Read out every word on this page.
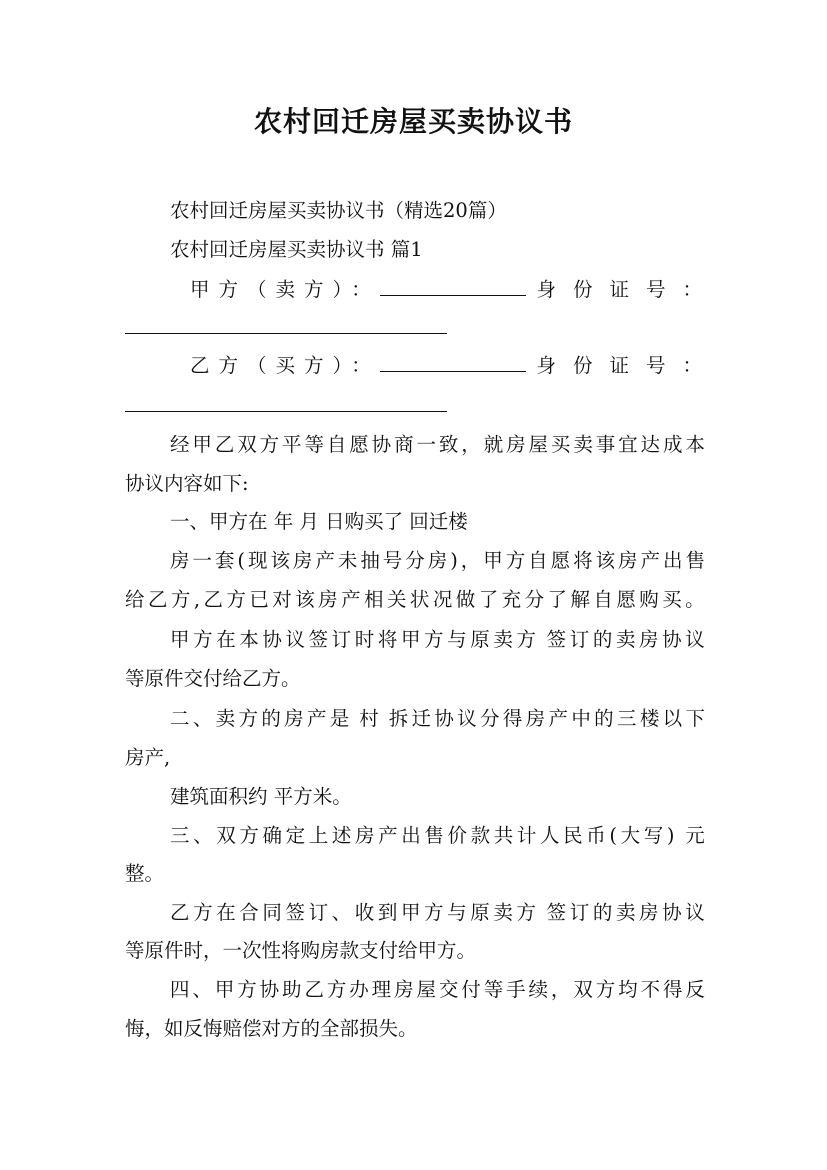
农村回迁房屋买卖协议书
农村回迁房屋买卖协议书（精选20篇）
农村回迁房屋买卖协议书 篇1
甲方（卖方）：	身份证号：
乙方（买方）：	身份证号：
经 甲 乙 双 方 平 等 自 愿 协 商 一 致 ， 就 房 屋 买 卖 事 宜 达 成 本
协议内容如下:
一、甲方在 年 月 日购买了 回迁楼
房 一 套 ( 现 该 房 产 未 抽 号 分 房 ) ， 甲 方 自 愿 将 该 房 产 出 售
给 乙 方 , 乙 方 已 对 该 房 产 相 关 状 况 做 了 充 分 了 解 自 愿 购 买 。
甲 方 在 本 协 议 签 订 时 将 甲 方 与 原 卖 方 签 订 的 卖 房 协 议
等原件交付给乙方。
二 、 卖 方 的 房 产 是 村 拆 迁 协 议 分 得 房 产 中 的 三 楼 以 下
房产,
建筑面积约 平方米。
三 、 双 方 确 定 上 述 房 产 出 售 价 款 共 计 人 民 币 ( 大 写 ) 元
整。
乙 方 在 合 同 签 订 、 收 到 甲 方 与 原 卖 方 签 订 的 卖 房 协 议
等原件时，一次性将购房款支付给甲方。
四 、 甲 方 协 助 乙 方 办 理 房 屋 交 付 等 手 续 ， 双 方 均 不 得 反
悔，如反悔赔偿对方的全部损失。
